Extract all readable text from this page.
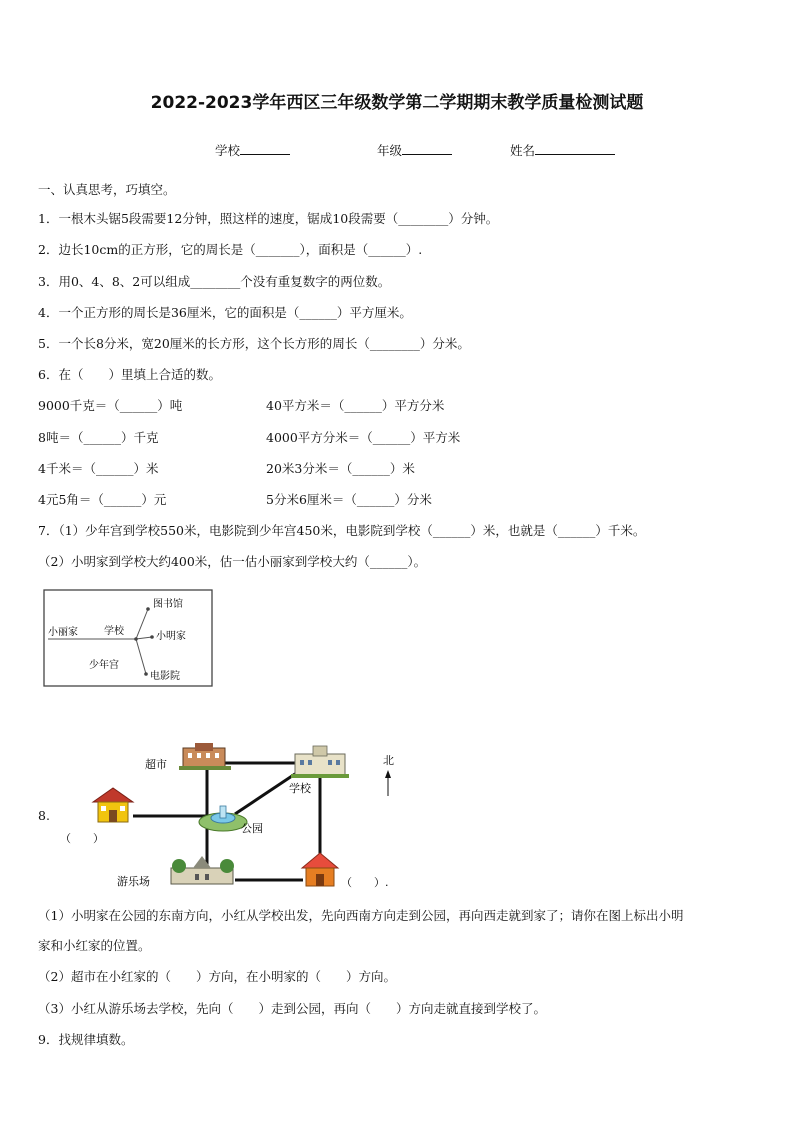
2022-2023学年西区三年级数学第二学期期末教学质量检测试题
学校	年级	姓名
一、认真思考，巧填空。
1．一根木头锯5段需要12分钟，照这样的速度，锯成10段需要（________）分钟。
2．边长10cm的正方形，它的周长是（_______），面积是（______）.
3．用0、4、8、2可以组成________个没有重复数字的两位数。
4．一个正方形的周长是36厘米，它的面积是（______）平方厘米。
5．一个长8分米，宽20厘米的长方形，这个长方形的周长（________）分米。
6．在（　　）里填上合适的数。
9000千克＝（______）吨	40平方米＝（______）平方分米
8吨＝（______）千克	4000平方分米＝（______）平方米
4千米＝（______）米	20米3分米＝（______）米
4元5角＝（______）元	5分米6厘米＝（______）分米
7．（1）少年宫到学校550米，电影院到少年宫450米，电影院到学校（______）米，也就是（______）千米。
（2）小明家到学校大约400米，估一估小丽家到学校大约（______）。
图书馆
小丽家	学校	小明家
少年宫
电影院
8.
超市
学校
（　　）
公园
游乐场	（　　）.
北
（1）小明家在公园的东南方向，小红从学校出发，先向西南方向走到公园，再向西走就到家了；请你在图上标出小明
家和小红家的位置。
（2）超市在小红家的（　　）方向，在小明家的（　　）方向。
（3）小红从游乐场去学校，先向（　　）走到公园，再向（　　）方向走就直接到学校了。
9．找规律填数。
